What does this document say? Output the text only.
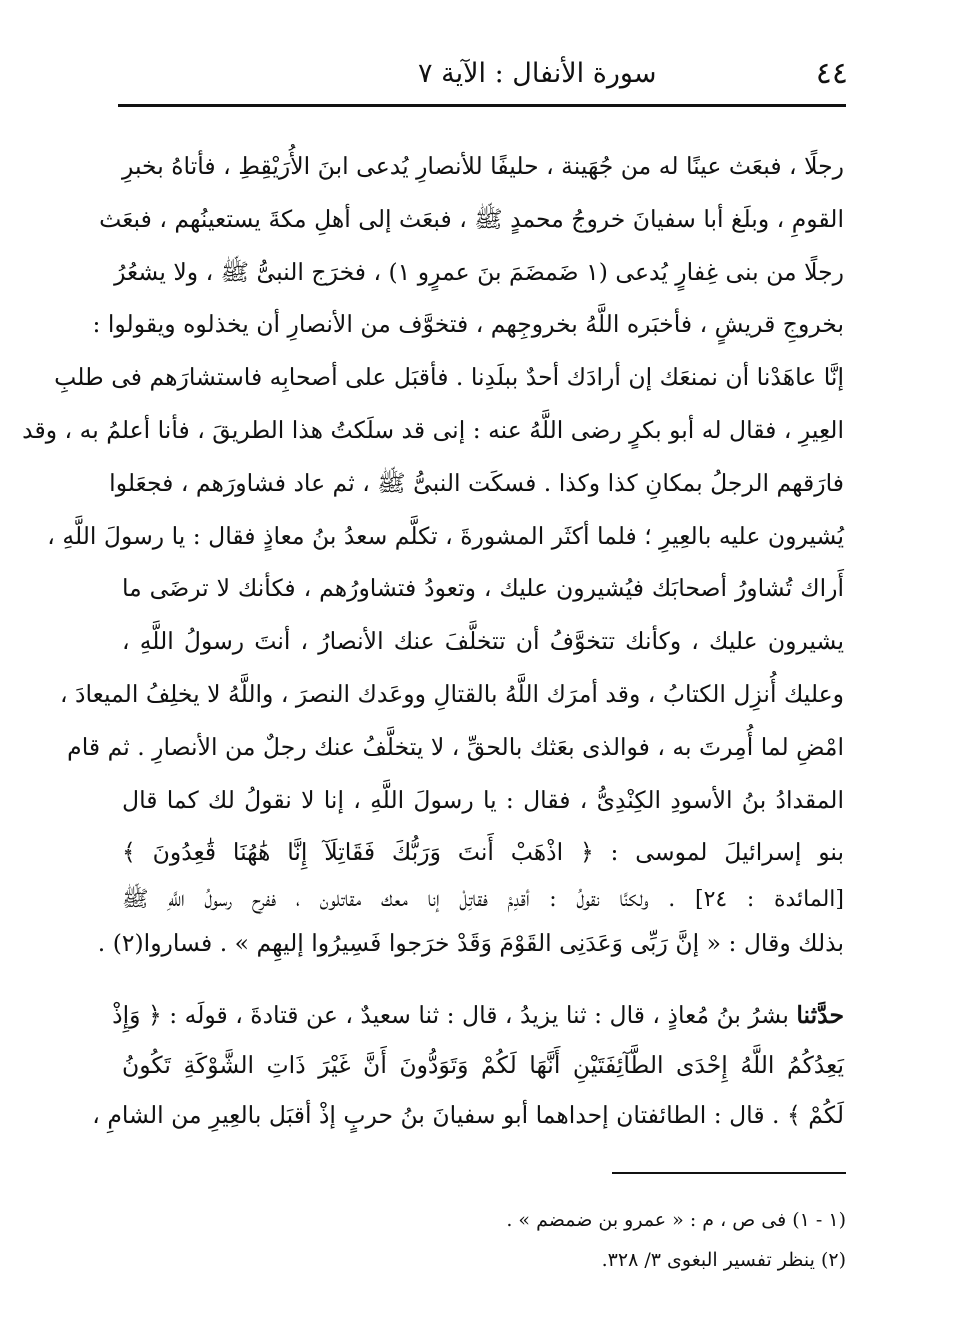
٤٤
سورة الأنفال : الآية ٧
رجلًا ، فبعَث عينًا له من جُهَينة ، حليفًا للأنصارِ يُدعى ابنَ الأُرَيْقِطِ ، فأتاهُ بخبرِ
القومِ ، وبلَغ أبا سفيانَ خروجُ محمدٍ ﷺ ، فبعَث إلى أهلِ مكةَ يستعينُهم ، فبعَث
رجلًا من بنى غِفارٍ يُدعى (١ ضَمضَمَ بنَ عمرٍو ١) ، فخرَج النبىُّ ﷺ ، ولا يشعُرُ
بخروجِ قريشٍ ، فأخبَره اللَّهُ بخروجِهم ، فتخوَّف من الأنصارِ أن يخذلوه ويقولوا :
إنَّا عاهَدْنا أن نمنعَك إن أرادَك أحدٌ ببلَدِنا . فأقبَل على أصحابِه فاستشارَهم فى طلبِ
العِيرِ ، فقال له أبو بكرٍ رضى اللَّهُ عنه : إنى قد سلَكتُ هذا الطريقَ ، فأنا أعلمُ به ، وقد
فارَقهم الرجلُ بمكانِ كذا وكذا . فسكَت النبىُّ ﷺ ، ثم عاد فشاورَهم ، فجعَلوا
يُشيرون عليه بالعِيرِ ؛ فلما أكثَر المشورةَ ، تكلَّم سعدُ بنُ معاذٍ فقال : يا رسولَ اللَّهِ ،
أَراك تُشاورُ أصحابَك فيُشيرون عليك ، وتعودُ فتشاورُهم ، فكأنك لا ترضَى ما
يشيرون عليك ، وكأنك تتخوَّفُ أن تتخلَّفَ عنك الأنصارُ ، أنتَ رسولُ اللَّهِ ،
وعليك أُنزِل الكتابُ ، وقد أمرَك اللَّهُ بالقتالِ ووعَدك النصرَ ، واللَّهُ لا يخلِفُ الميعادَ ،
امْضِ لما أُمِرتَ به ، فوالذى بعَثك بالحقِّ ، لا يتخلَّفُ عنك رجلٌ من الأنصارِ . ثم قام
المقدادُ بنُ الأسودِ الكِنْدِىُّ ، فقال : يا رسولَ اللَّهِ ، إنا لا نقولُ لك كما قال
بنو إسرائيلَ لموسى : ﴿ اذْهَبْ أَنتَ وَرَبُّكَ فَقَاتِلَآ إِنَّا هَٰهُنَا قَٰعِدُونَ ﴾
[المائدة : ٢٤] . ولكنَّا نقولُ : أقدِمْ فقاتِلْ إنا معك مقاتلون ، ففرِح رسولُ اللَّهِ ﷺ
بذلك وقال : « إنَّ رَبِّى وَعَدَنِى القَوْمَ وَقَدْ خرَجوا فَسِيرُوا إليهِم » . فساروا(٢) .
حدَّثنا بشرُ بنُ مُعاذٍ ، قال : ثنا يزيدُ ، قال : ثنا سعيدٌ ، عن قتادةَ ، قولَه : ﴿ وَإِذْ
يَعِدُكُمُ اللَّهُ إِحْدَى الطَّآئِفَتَيْنِ أَنَّهَا لَكُمْ وَتَوَدُّونَ أَنَّ غَيْرَ ذَاتِ الشَّوْكَةِ تَكُونُ
لَكُمْ ﴾ . قال : الطائفتان إحداهما أبو سفيانَ بنُ حربٍ إذْ أقبَل بالعِيرِ من الشامِ ،
(١ - ١) فى ص ، م : « عمرو بن ضمضم » .
(٢) ينظر تفسير البغوى ٣/ ٣٢٨.
